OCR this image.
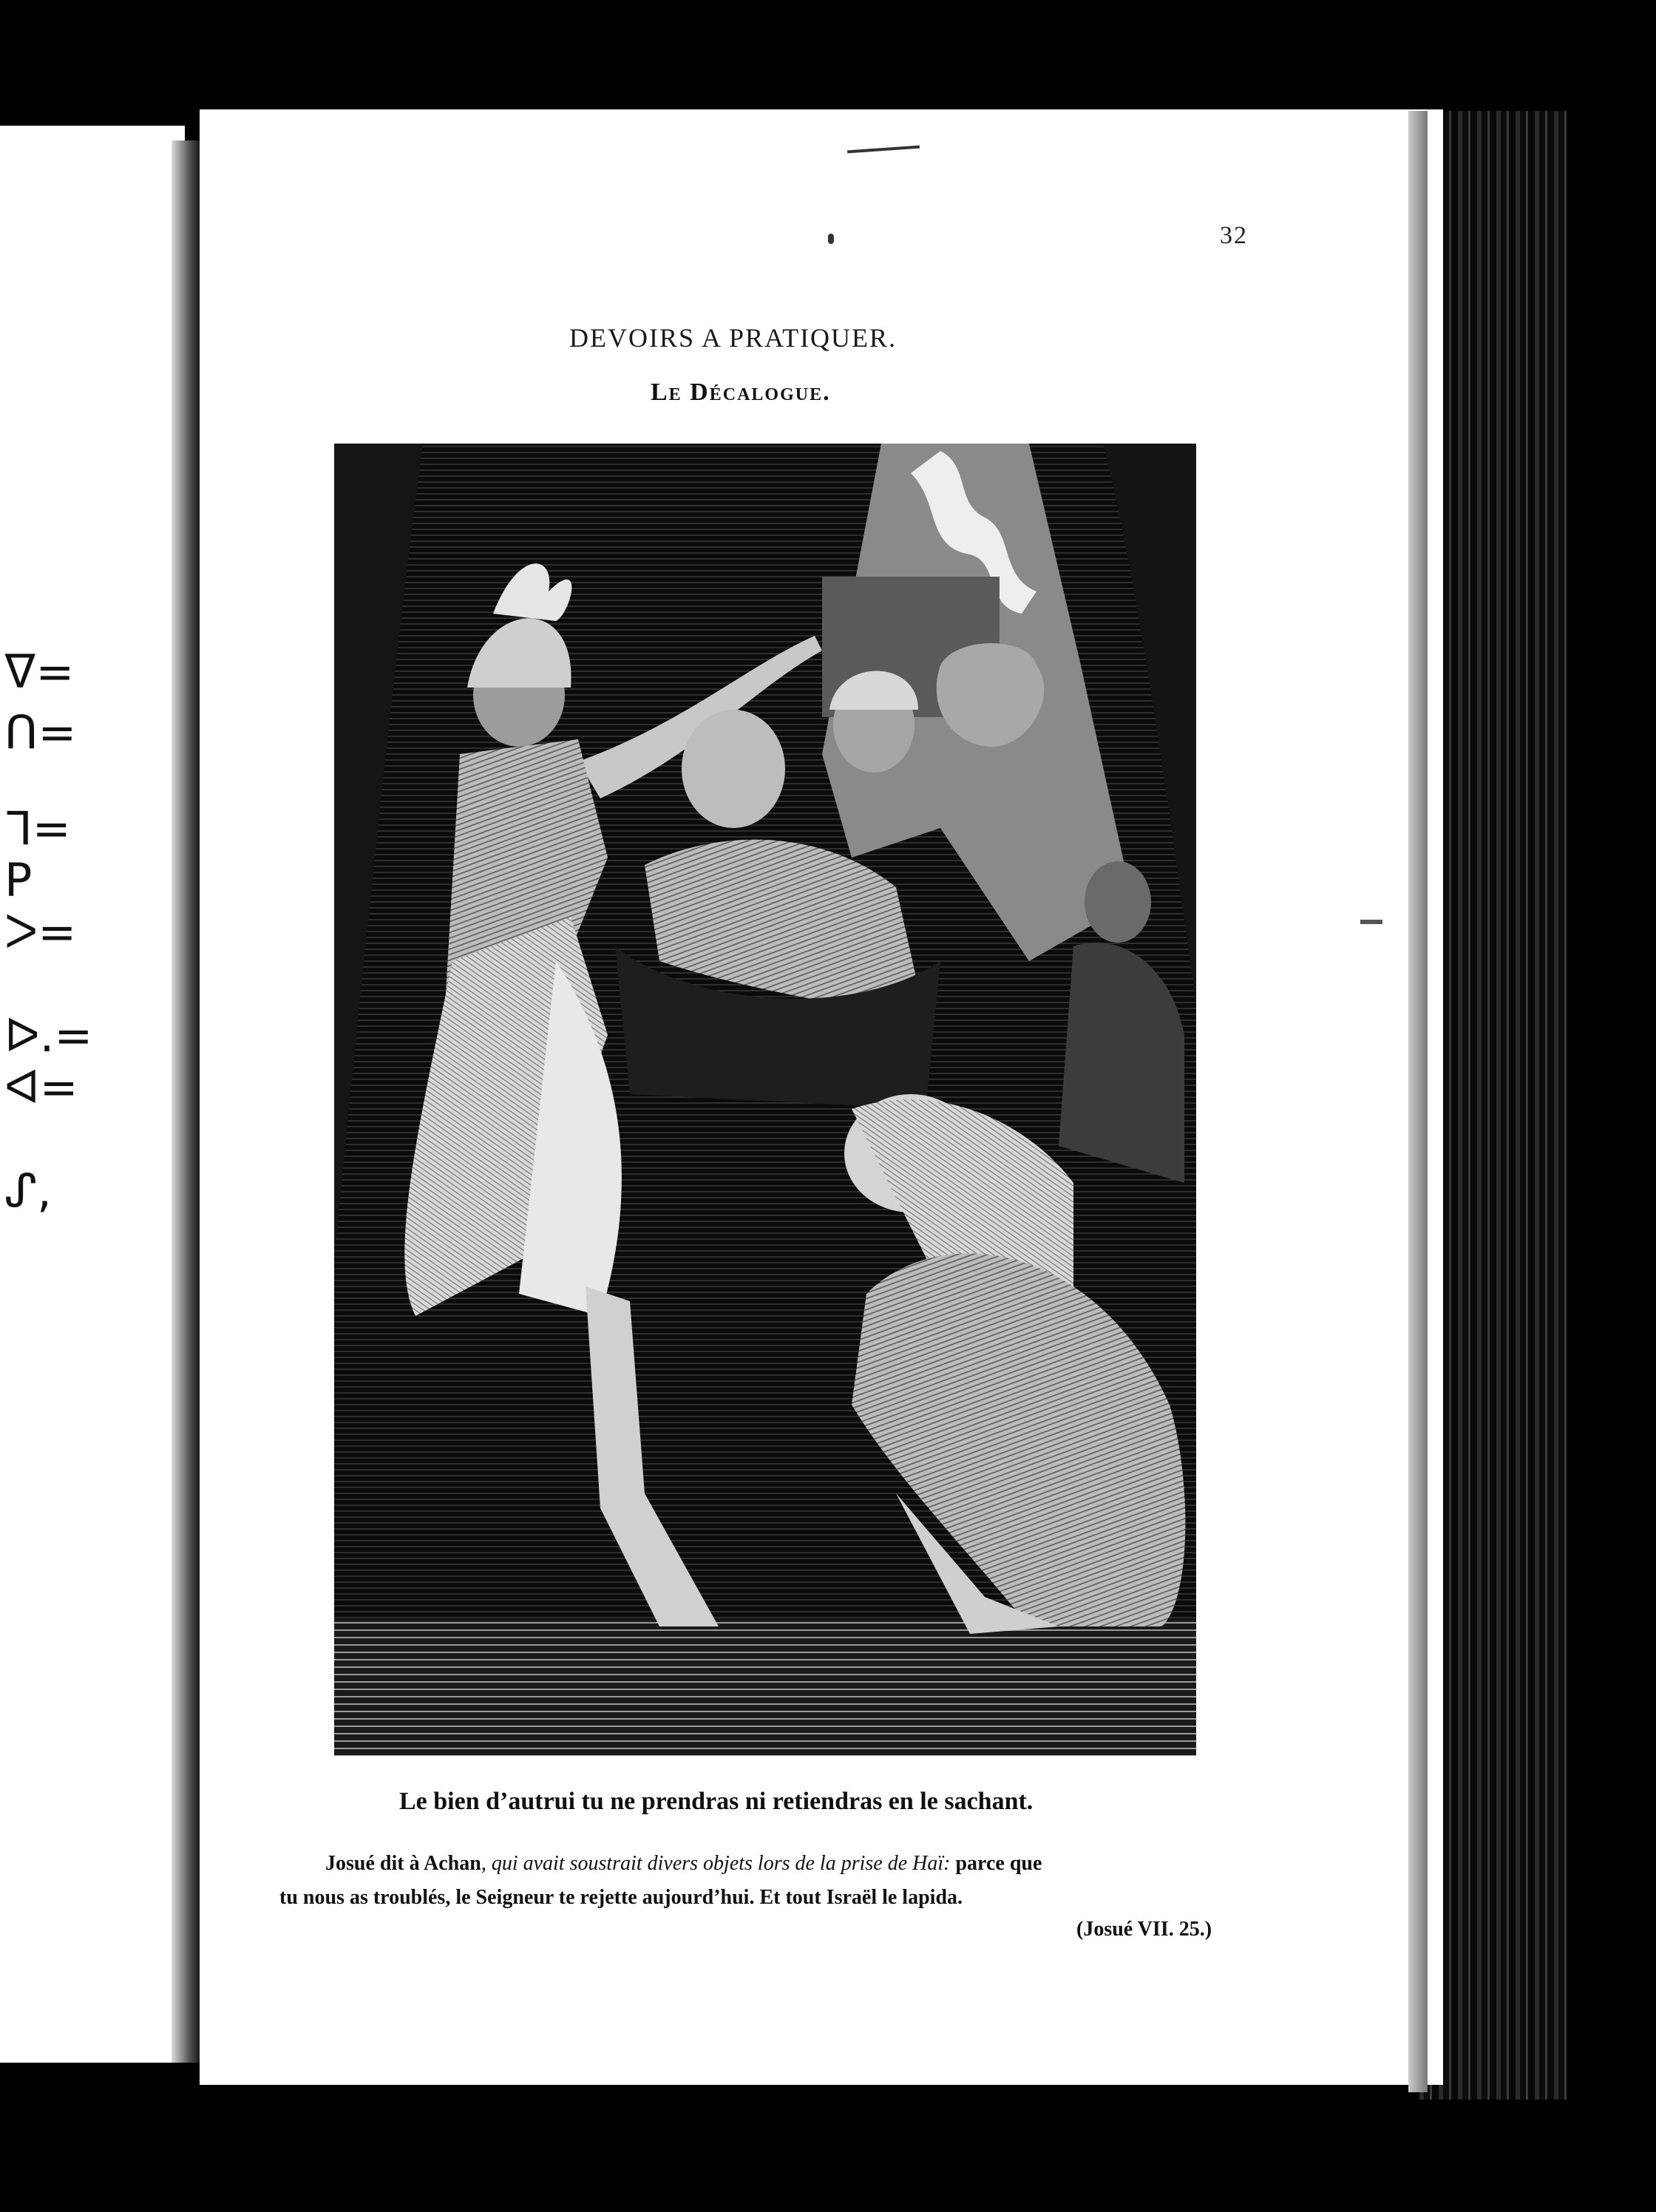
ᐁ=
ᑎ=
ᒣ=
P
ᐳ=
ᐅ.=
ᐊ=
ᔑ,
32
DEVOIRS A PRATIQUER.
Le Décalogue.
Le bien d’autrui tu ne prendras ni retiendras en le sachant.
Josué dit à Achan, qui avait soustrait divers objets lors de la prise de Haï: parce que
tu nous as troublés, le Seigneur te rejette aujourd’hui. Et tout Israël le lapida.
(Josué VII. 25.)
